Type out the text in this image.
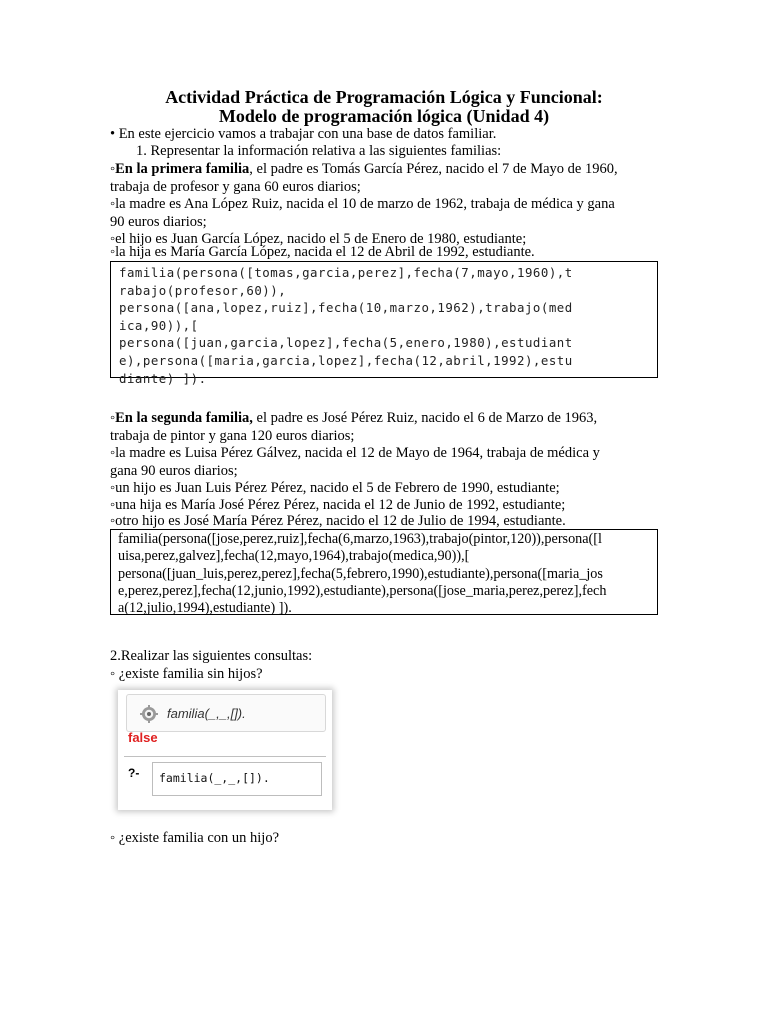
Actividad Práctica de Programación Lógica y Funcional:
Modelo de programación lógica (Unidad 4)
• En este ejercicio vamos a trabajar con una base de datos familiar.
1. Representar la información relativa a las siguientes familias:
◦En la primera familia, el padre es Tomás García Pérez, nacido el 7 de Mayo de 1960,
trabaja de profesor y gana 60 euros diarios;
◦la madre es Ana López Ruiz, nacida el 10 de marzo de 1962, trabaja de médica y gana
90 euros diarios;
◦el hijo es Juan García López, nacido el 5 de Enero de 1980, estudiante;
◦la hija es María García López, nacida el 12 de Abril de 1992, estudiante.
familia(persona([tomas,garcia,perez],fecha(7,mayo,1960),t
rabajo(profesor,60)),
persona([ana,lopez,ruiz],fecha(10,marzo,1962),trabajo(med
ica,90)),[
persona([juan,garcia,lopez],fecha(5,enero,1980),estudiant
e),persona([maria,garcia,lopez],fecha(12,abril,1992),estu
diante) ]).
◦En la segunda familia, el padre es José Pérez Ruiz, nacido el 6 de Marzo de 1963,
trabaja de pintor y gana 120 euros diarios;
◦la madre es Luisa Pérez Gálvez, nacida el 12 de Mayo de 1964, trabaja de médica y
gana 90 euros diarios;
◦un hijo es Juan Luis Pérez Pérez, nacido el 5 de Febrero de 1990, estudiante;
◦una hija es María José Pérez Pérez, nacida el 12 de Junio de 1992, estudiante;
◦otro hijo es José María Pérez Pérez, nacido el 12 de Julio de 1994, estudiante.
familia(persona([jose,perez,ruiz],fecha(6,marzo,1963),trabajo(pintor,120)),persona([l
uisa,perez,galvez],fecha(12,mayo,1964),trabajo(medica,90)),[
persona([juan_luis,perez,perez],fecha(5,febrero,1990),estudiante),persona([maria_jos
e,perez,perez],fecha(12,junio,1992),estudiante),persona([jose_maria,perez,perez],fech
a(12,julio,1994),estudiante) ]).
2.Realizar las siguientes consultas:
◦ ¿existe familia sin hijos?
familia(_,_,[]).
false
?-	familia(_,_,[]).
◦ ¿existe familia con un hijo?
